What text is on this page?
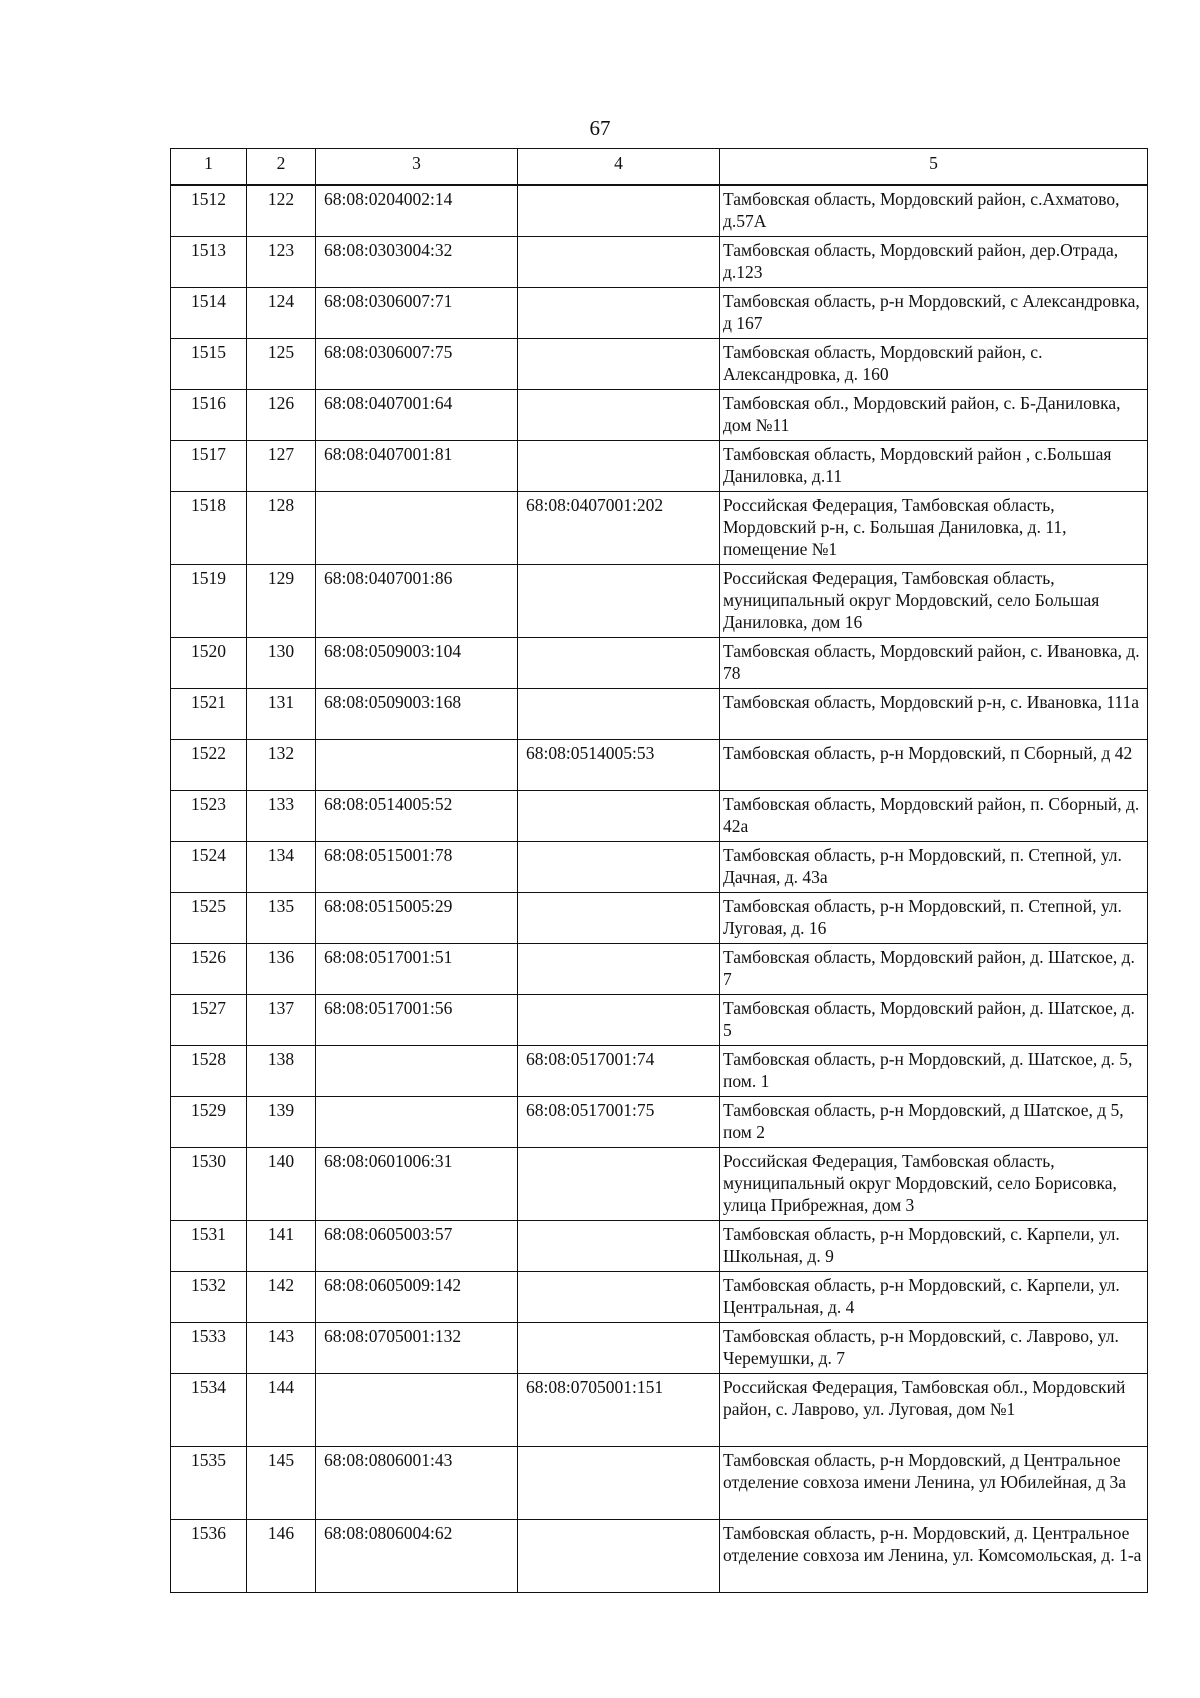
67
1	2	3	4	5
1512	122	68:08:0204002:14		Тамбовская область, Мордовский район, с.Ахматово, д.57А
1513	123	68:08:0303004:32		Тамбовская область, Мордовский район, дер.Отрада, д.123
1514	124	68:08:0306007:71		Тамбовская область, р-н Мордовский, с Александровка, д 167
1515	125	68:08:0306007:75		Тамбовская область, Мордовский район, с. Александровка, д. 160
1516	126	68:08:0407001:64		Тамбовская обл., Мордовский район, с. Б-Даниловка, дом №11
1517	127	68:08:0407001:81		Тамбовская область, Мордовский район , с.Большая Даниловка, д.11
1518	128		68:08:0407001:202	Российская Федерация, Тамбовская область, Мордовский р-н, с. Большая Даниловка, д. 11, помещение №1
1519	129	68:08:0407001:86		Российская Федерация, Тамбовская область, муниципальный округ Мордовский, село Большая Даниловка, дом 16
1520	130	68:08:0509003:104		Тамбовская область, Мордовский район, с. Ивановка, д. 78
1521	131	68:08:0509003:168		Тамбовская область, Мордовский р-н, с. Ивановка, 111а
1522	132		68:08:0514005:53	Тамбовская область, р-н Мордовский, п Сборный, д 42
1523	133	68:08:0514005:52		Тамбовская область, Мордовский район, п. Сборный, д. 42а
1524	134	68:08:0515001:78		Тамбовская область, р-н Мордовский, п. Степной, ул. Дачная, д. 43а
1525	135	68:08:0515005:29		Тамбовская область, р-н Мордовский, п. Степной, ул. Луговая, д. 16
1526	136	68:08:0517001:51		Тамбовская область, Мордовский район, д. Шатское, д. 7
1527	137	68:08:0517001:56		Тамбовская область, Мордовский район, д. Шатское, д. 5
1528	138		68:08:0517001:74	Тамбовская область, р-н Мордовский, д. Шатское, д. 5, пом. 1
1529	139		68:08:0517001:75	Тамбовская область, р-н Мордовский, д Шатское, д 5, пом 2
1530	140	68:08:0601006:31		Российская Федерация, Тамбовская область, муниципальный округ Мордовский, село Борисовка, улица Прибрежная, дом 3
1531	141	68:08:0605003:57		Тамбовская область, р-н Мордовский, с. Карпели, ул. Школьная, д. 9
1532	142	68:08:0605009:142		Тамбовская область, р-н Мордовский, с. Карпели, ул. Центральная, д. 4
1533	143	68:08:0705001:132		Тамбовская область, р-н Мордовский, с. Лаврово, ул. Черемушки, д. 7
1534	144		68:08:0705001:151	Российская Федерация, Тамбовская обл., Мордовский район, с. Лаврово, ул. Луговая, дом №1
1535	145	68:08:0806001:43		Тамбовская область, р-н Мордовский, д Центральное отделение совхоза имени Ленина, ул Юбилейная, д 3а
1536	146	68:08:0806004:62		Тамбовская область, р-н. Мордовский, д. Центральное отделение совхоза им Ленина, ул. Комсомольская, д. 1-а
